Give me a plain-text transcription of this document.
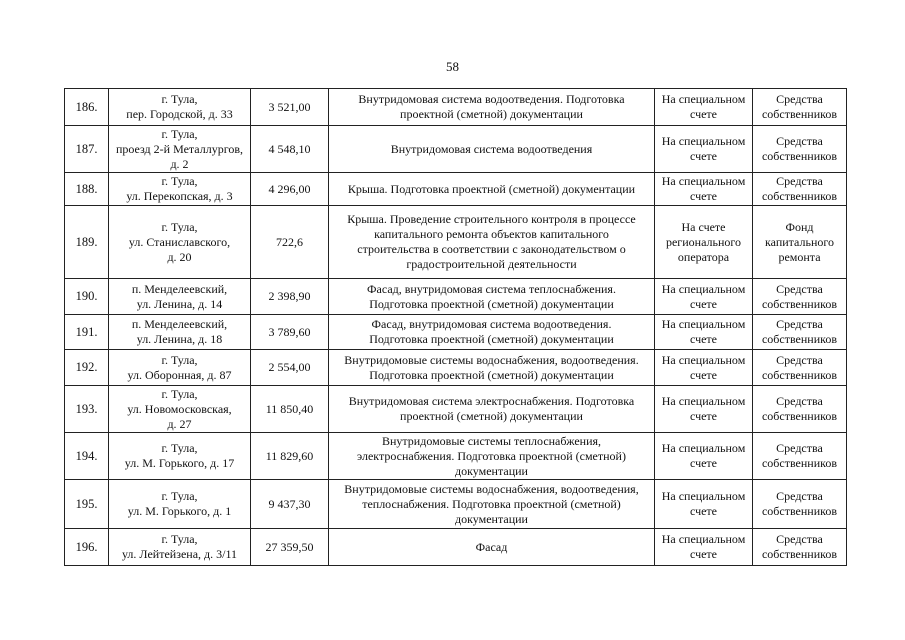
58
186.	г. Тула,
пер. Городской, д. 33	3 521,00	Внутридомовая система водоотведения. Подготовка
проектной (сметной) документации	На специальном
счете	Средства
собственников

187.	г. Тула,
проезд 2-й Металлургов,
д. 2	4 548,10	Внутридомовая система водоотведения	На специальном
счете	Средства
собственников

188.	г. Тула,
ул. Перекопская, д. 3	4 296,00	Крыша. Подготовка проектной (сметной) документации	На специальном
счете	Средства
собственников

189.	г. Тула,
ул. Станиславского,
д. 20	722,6	Крыша. Проведение строительного контроля в процессе
капитального ремонта объектов капитального
строительства в соответствии с законодательством о
градостроительной деятельности	На счете
регионального
оператора	Фонд
капитального
ремонта

190.	п. Менделеевский,
ул. Ленина, д. 14	2 398,90	Фасад, внутридомовая система теплоснабжения.
Подготовка проектной (сметной) документации	На специальном
счете	Средства
собственников

191.	п. Менделеевский,
ул. Ленина, д. 18	3 789,60	Фасад, внутридомовая система водоотведения.
Подготовка проектной (сметной) документации	На специальном
счете	Средства
собственников

192.	г. Тула,
ул. Оборонная, д. 87	2 554,00	Внутридомовые системы водоснабжения, водоотведения.
Подготовка проектной (сметной) документации	На специальном
счете	Средства
собственников

193.	г. Тула,
ул. Новомосковская,
д. 27	11 850,40	Внутридомовая система электроснабжения. Подготовка
проектной (сметной) документации	На специальном
счете	Средства
собственников

194.	г. Тула,
ул. М. Горького, д. 17	11 829,60	Внутридомовые системы теплоснабжения,
электроснабжения. Подготовка проектной (сметной)
документации	На специальном
счете	Средства
собственников

195.	г. Тула,
ул. М. Горького, д. 1	9 437,30	Внутридомовые системы водоснабжения, водоотведения,
теплоснабжения. Подготовка проектной (сметной)
документации	На специальном
счете	Средства
собственников

196.	г. Тула,
ул. Лейтейзена, д. 3/11	27 359,50	Фасад	На специальном
счете	Средства
собственников
